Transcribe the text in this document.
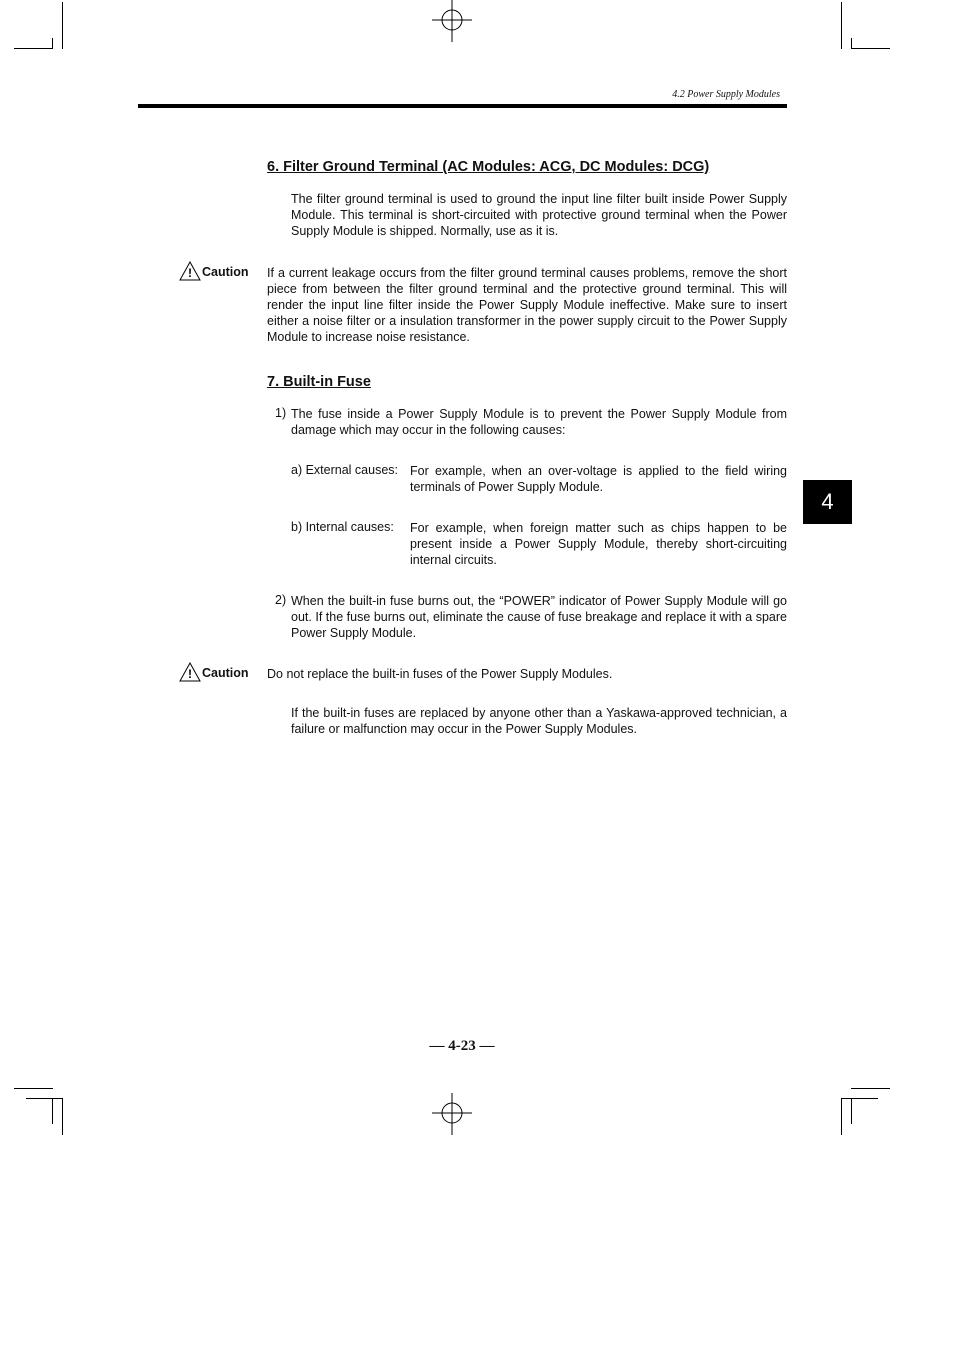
4.2 Power Supply Modules
6. Filter Ground Terminal (AC Modules: ACG, DC Modules: DCG)
The filter ground terminal is used to ground the input line filter built inside Power Supply Module. This terminal is short-circuited with protective ground terminal when the Power Supply Module is shipped. Normally, use as it is.
! Caution If a current leakage occurs from the filter ground terminal causes problems, remove the short piece from between the filter ground terminal and the protective ground terminal. This will render the input line filter inside the Power Supply Module ineffective. Make sure to insert either a noise filter or a insulation transformer in the power supply circuit to the Power Supply Module to increase noise resistance.
7. Built-in Fuse
1) The fuse inside a Power Supply Module is to prevent the Power Supply Module from damage which may occur in the following causes:
a) External causes: For example, when an over-voltage is applied to the field wiring terminals of Power Supply Module.
b) Internal causes: For example, when foreign matter such as chips happen to be present inside a Power Supply Module, thereby short-circuiting internal circuits.
2) When the built-in fuse burns out, the “POWER” indicator of Power Supply Module will go out. If the fuse burns out, eliminate the cause of fuse breakage and replace it with a spare Power Supply Module.
! Caution Do not replace the built-in fuses of the Power Supply Modules.
If the built-in fuses are replaced by anyone other than a Yaskawa-approved technician, a failure or malfunction may occur in the Power Supply Modules.
4
— 4-23 —
